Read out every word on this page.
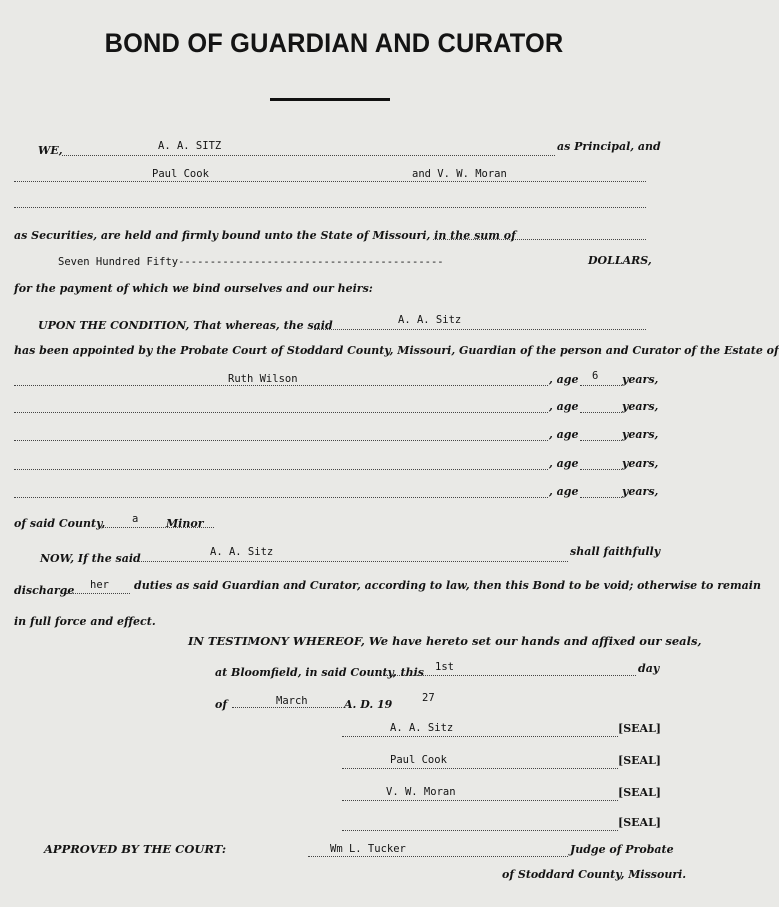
BOND OF GUARDIAN AND CURATOR
WE,	A. A. SITZ	as Principal, and
Paul Cook	and V. W. Moran
as Securities, are held and firmly bound unto the State of Missouri, in the sum of
Seven Hundred Fifty------------------------------------------	DOLLARS,
for the payment of which we bind ourselves and our heirs:
UPON THE CONDITION, That whereas, the said	A. A. Sitz
has been appointed by the Probate Court of Stoddard County, Missouri, Guardian of the person and Curator of the Estate of
Ruth Wilson	, age 6 years,
, age	years,
, age	years,
, age	years,
, age	years,
of said County,	a	Minor
NOW, If the said	A. A. Sitz	shall faithfully
discharge her duties as said Guardian and Curator, according to law, then this Bond to be void; otherwise to remain
in full force and effect.
IN TESTIMONY WHEREOF, We have hereto set our hands and affixed our seals,
at Bloomfield, in said County, this 1st	day
of	March	A. D. 19	27
A. A. Sitz	[SEAL]
Paul Cook	[SEAL]
V. W. Moran	[SEAL]
[SEAL]
APPROVED BY THE COURT:	Wm L. Tucker	Judge of Probate
of Stoddard County, Missouri.
